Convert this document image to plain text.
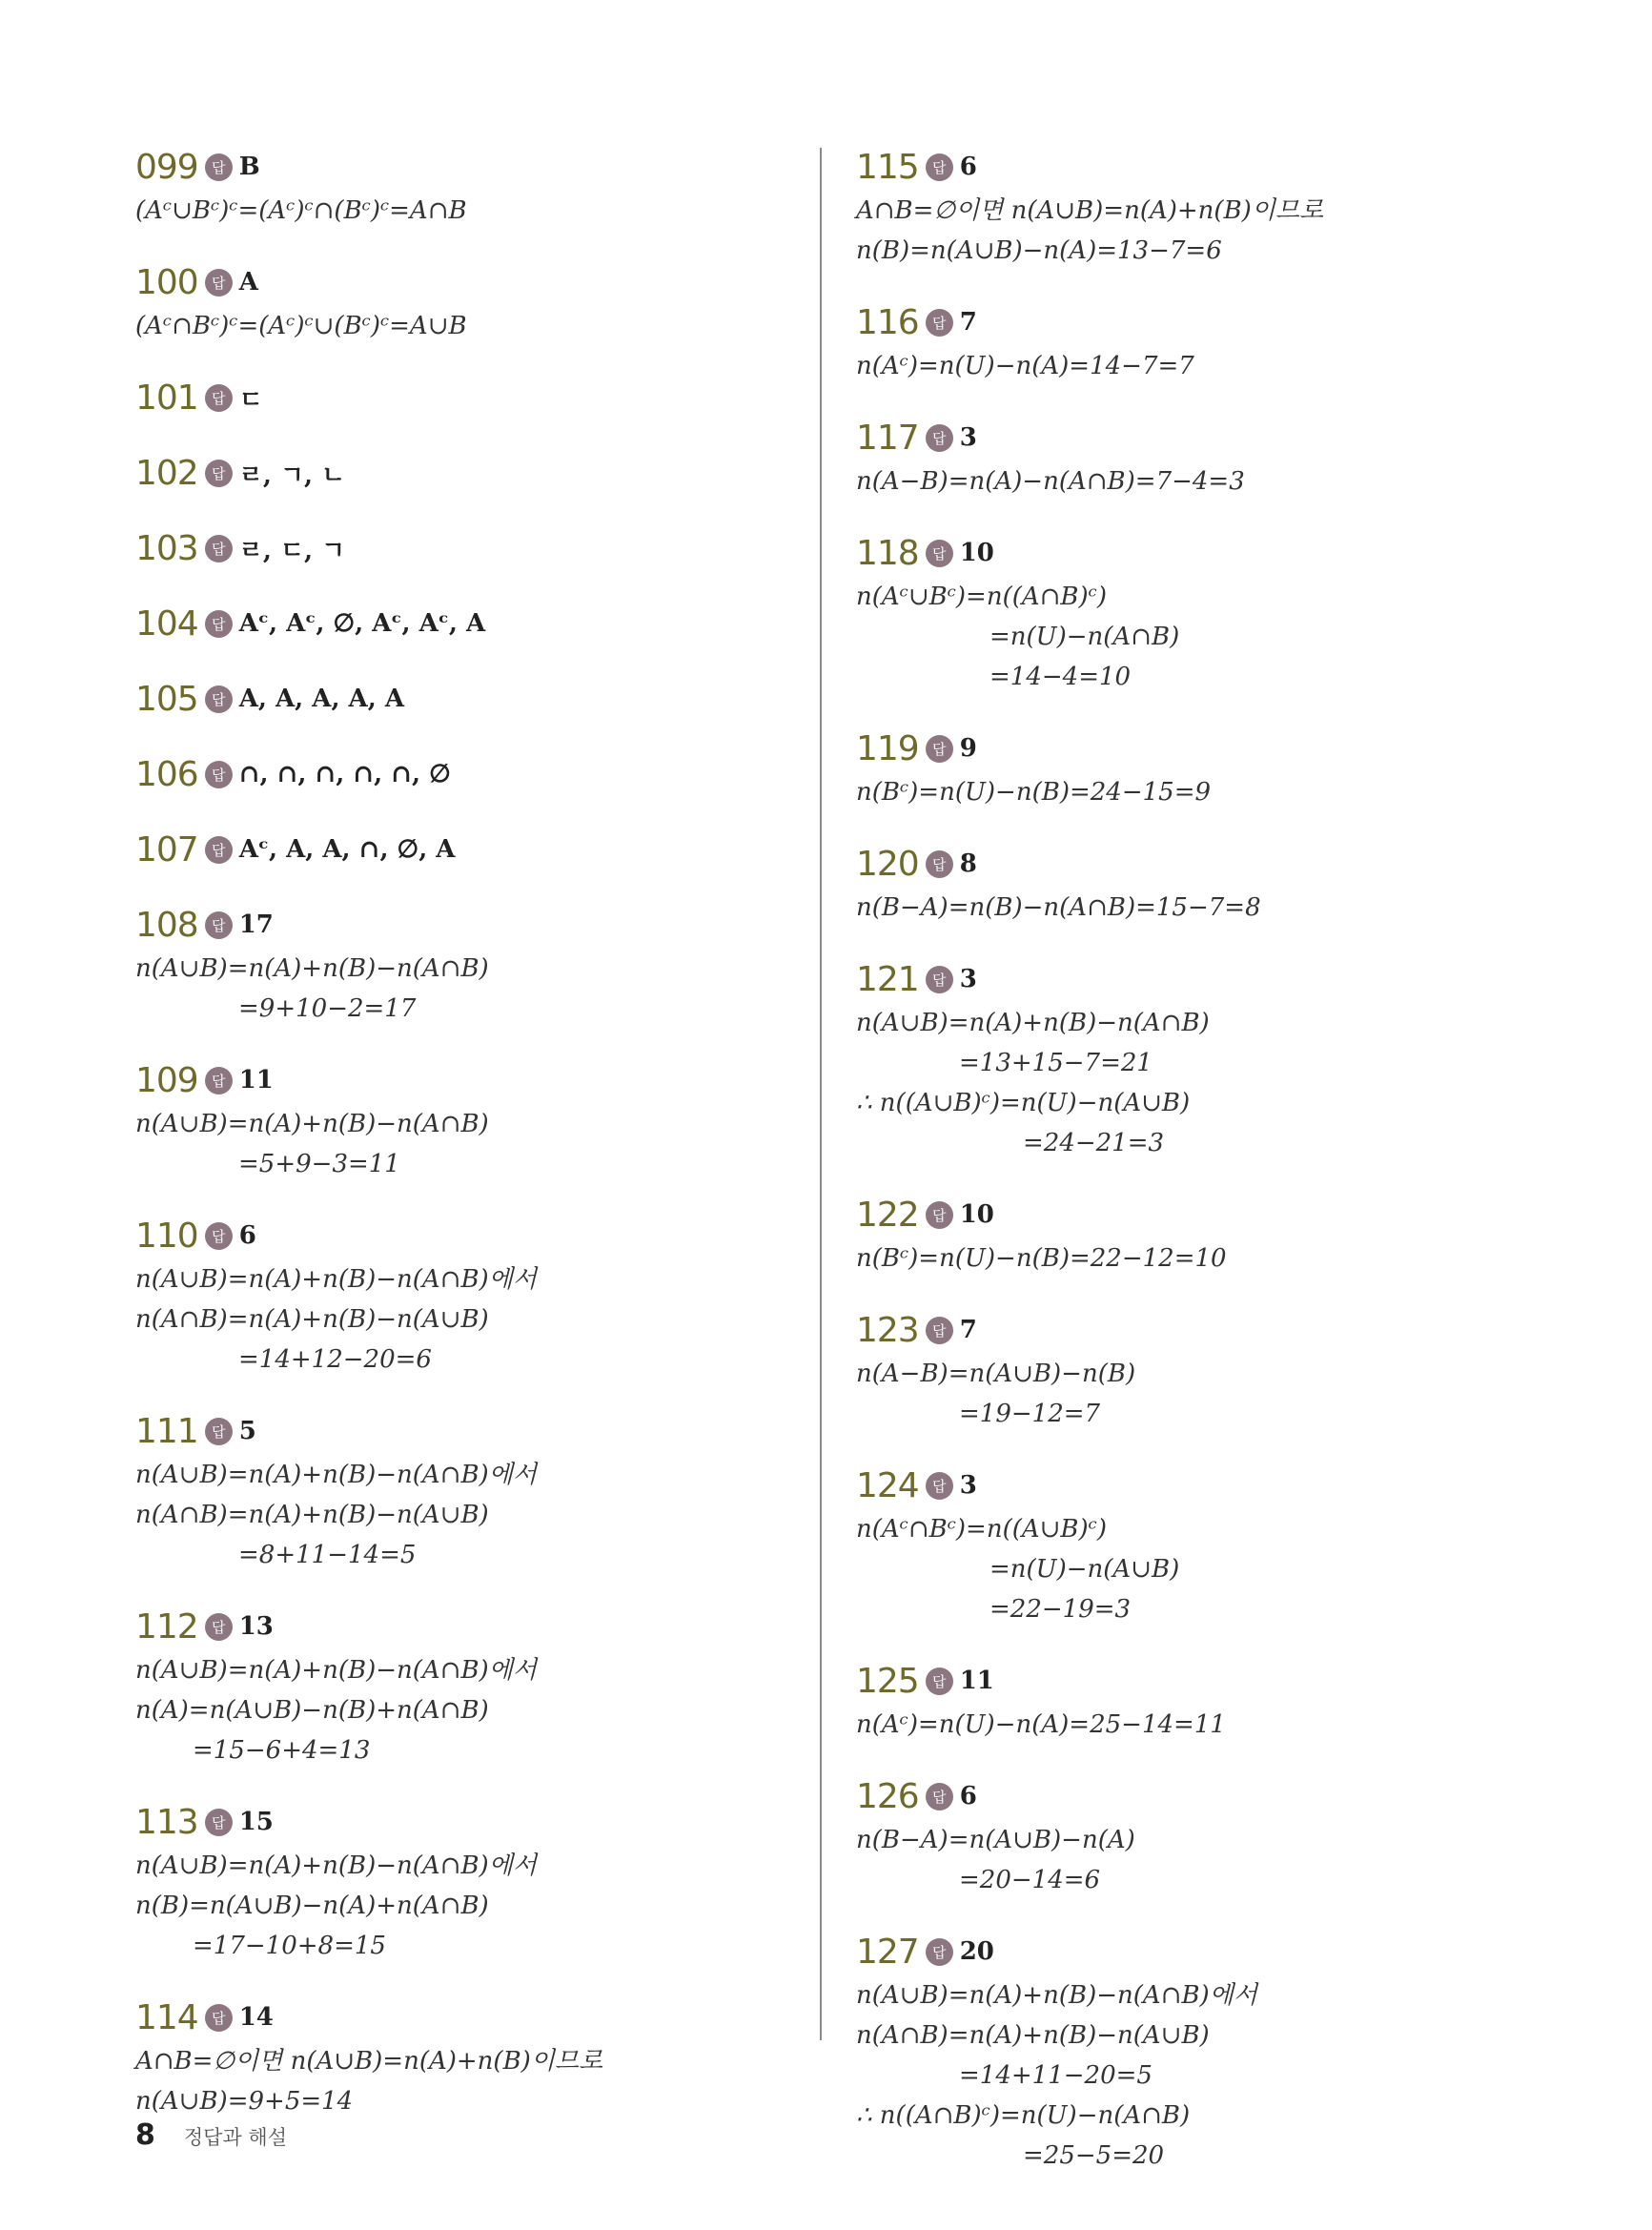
099 답 B
(Aᶜ∪Bᶜ)ᶜ=(Aᶜ)ᶜ∩(Bᶜ)ᶜ=A∩B
100 답 A
(Aᶜ∩Bᶜ)ᶜ=(Aᶜ)ᶜ∪(Bᶜ)ᶜ=A∪B
101 답 ㄷ
102 답 ㄹ, ㄱ, ㄴ
103 답 ㄹ, ㄷ, ㄱ
104 답 Aᶜ, Aᶜ, ∅, Aᶜ, Aᶜ, A
105 답 A, A, A, A, A
106 답 ∩, ∩, ∩, ∩, ∩, ∅
107 답 Aᶜ, A, A, ∩, ∅, A
108 답 17
n(A∪B)=n(A)+n(B)−n(A∩B)
=9+10−2=17
109 답 11
n(A∪B)=n(A)+n(B)−n(A∩B)
=5+9−3=11
110 답 6
n(A∪B)=n(A)+n(B)−n(A∩B)에서
n(A∩B)=n(A)+n(B)−n(A∪B)
=14+12−20=6
111 답 5
n(A∪B)=n(A)+n(B)−n(A∩B)에서
n(A∩B)=n(A)+n(B)−n(A∪B)
=8+11−14=5
112 답 13
n(A∪B)=n(A)+n(B)−n(A∩B)에서
n(A)=n(A∪B)−n(B)+n(A∩B)
=15−6+4=13
113 답 15
n(A∪B)=n(A)+n(B)−n(A∩B)에서
n(B)=n(A∪B)−n(A)+n(A∩B)
=17−10+8=15
114 답 14
A∩B=∅이면 n(A∪B)=n(A)+n(B)이므로
n(A∪B)=9+5=14
115 답 6
A∩B=∅이면 n(A∪B)=n(A)+n(B)이므로
n(B)=n(A∪B)−n(A)=13−7=6
116 답 7
n(Aᶜ)=n(U)−n(A)=14−7=7
117 답 3
n(A−B)=n(A)−n(A∩B)=7−4=3
118 답 10
n(Aᶜ∪Bᶜ)=n((A∩B)ᶜ)
=n(U)−n(A∩B)
=14−4=10
119 답 9
n(Bᶜ)=n(U)−n(B)=24−15=9
120 답 8
n(B−A)=n(B)−n(A∩B)=15−7=8
121 답 3
n(A∪B)=n(A)+n(B)−n(A∩B)
=13+15−7=21
∴ n((A∪B)ᶜ)=n(U)−n(A∪B)
=24−21=3
122 답 10
n(Bᶜ)=n(U)−n(B)=22−12=10
123 답 7
n(A−B)=n(A∪B)−n(B)
=19−12=7
124 답 3
n(Aᶜ∩Bᶜ)=n((A∪B)ᶜ)
=n(U)−n(A∪B)
=22−19=3
125 답 11
n(Aᶜ)=n(U)−n(A)=25−14=11
126 답 6
n(B−A)=n(A∪B)−n(A)
=20−14=6
127 답 20
n(A∪B)=n(A)+n(B)−n(A∩B)에서
n(A∩B)=n(A)+n(B)−n(A∪B)
=14+11−20=5
∴ n((A∩B)ᶜ)=n(U)−n(A∩B)
=25−5=20
8 정답과 해설
